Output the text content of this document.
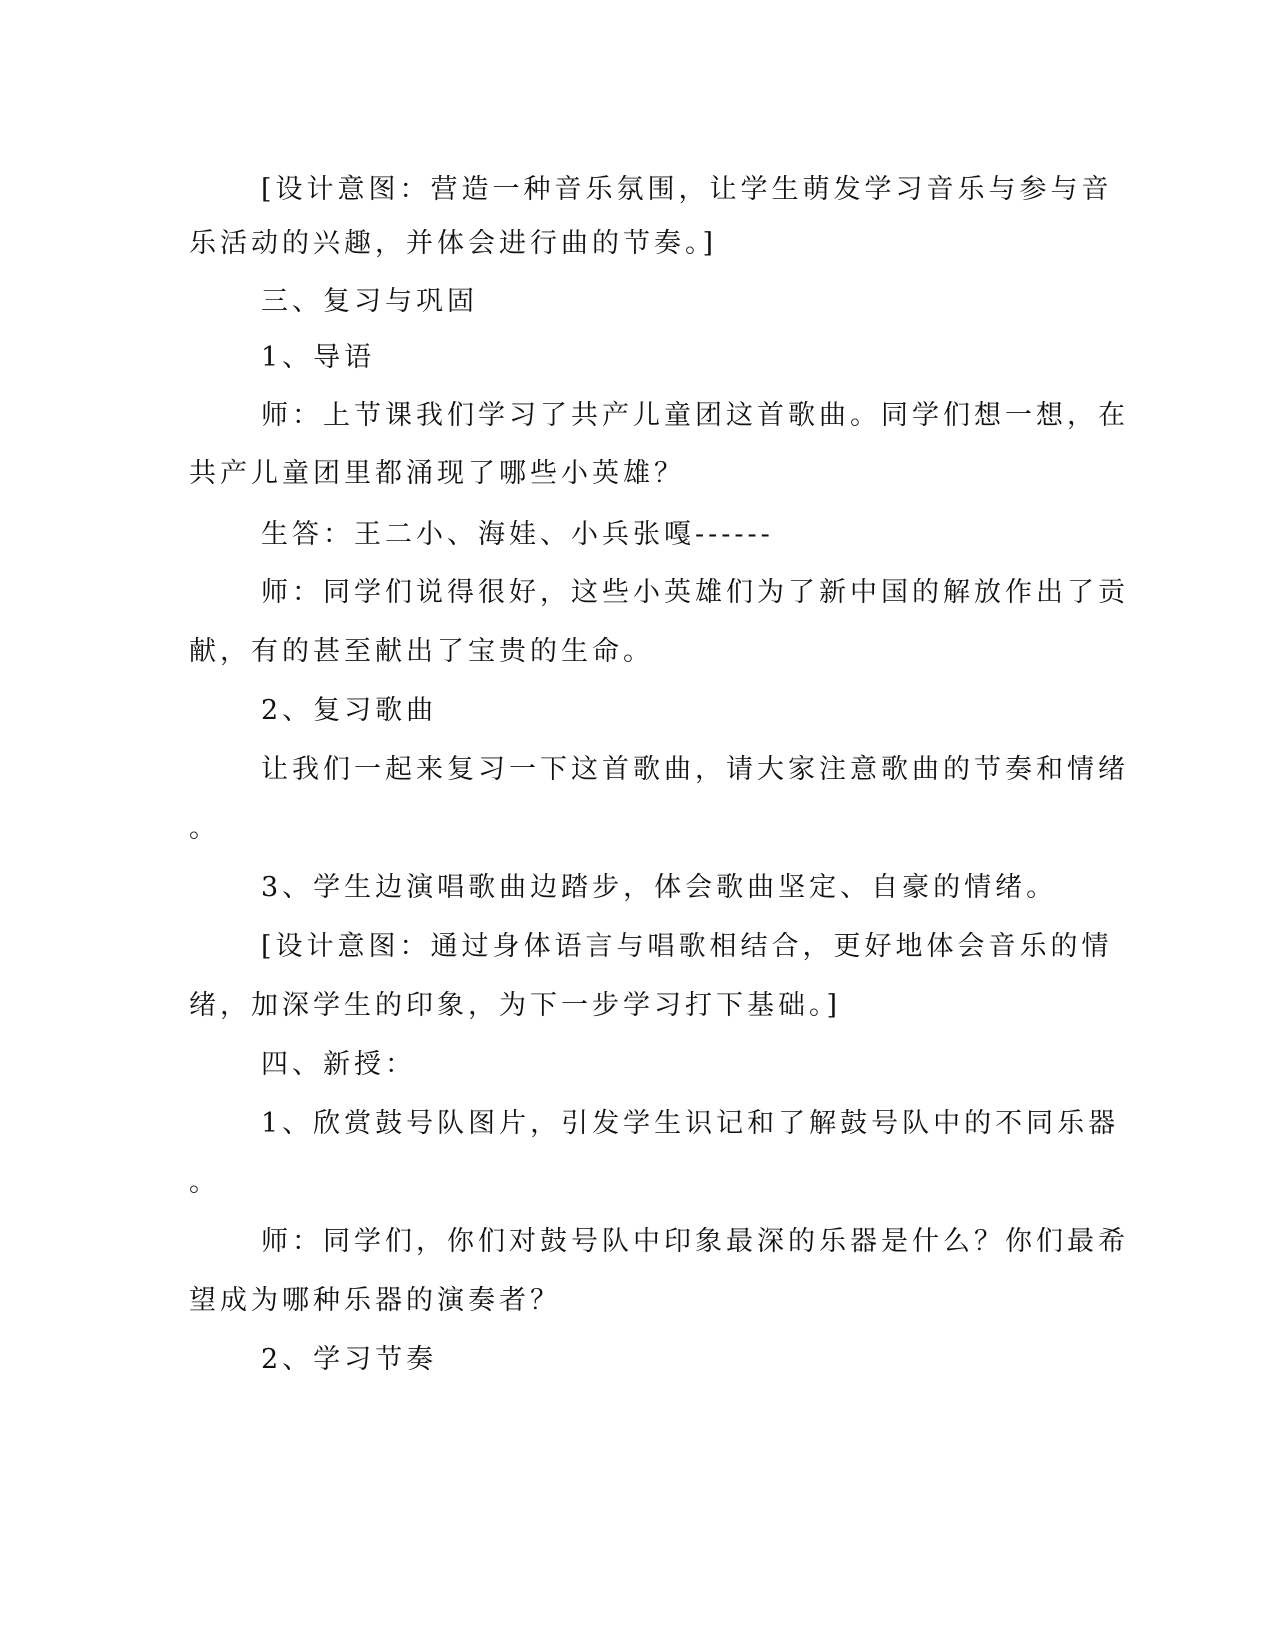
[设计意图：营造一种音乐氛围，让学生萌发学习音乐与参与音
乐活动的兴趣，并体会进行曲的节奏。]
三、复习与巩固
1、导语
师：上节课我们学习了共产儿童团这首歌曲。同学们想一想，在
共产儿童团里都涌现了哪些小英雄？
生答：王二小、海娃、小兵张嘎------
师：同学们说得很好，这些小英雄们为了新中国的解放作出了贡
献，有的甚至献出了宝贵的生命。
2、复习歌曲
让我们一起来复习一下这首歌曲，请大家注意歌曲的节奏和情绪
。
3、学生边演唱歌曲边踏步，体会歌曲坚定、自豪的情绪。
[设计意图：通过身体语言与唱歌相结合，更好地体会音乐的情
绪，加深学生的印象，为下一步学习打下基础。]
四、新授：
1、欣赏鼓号队图片，引发学生识记和了解鼓号队中的不同乐器
。
师：同学们，你们对鼓号队中印象最深的乐器是什么？你们最希
望成为哪种乐器的演奏者？
2、学习节奏
